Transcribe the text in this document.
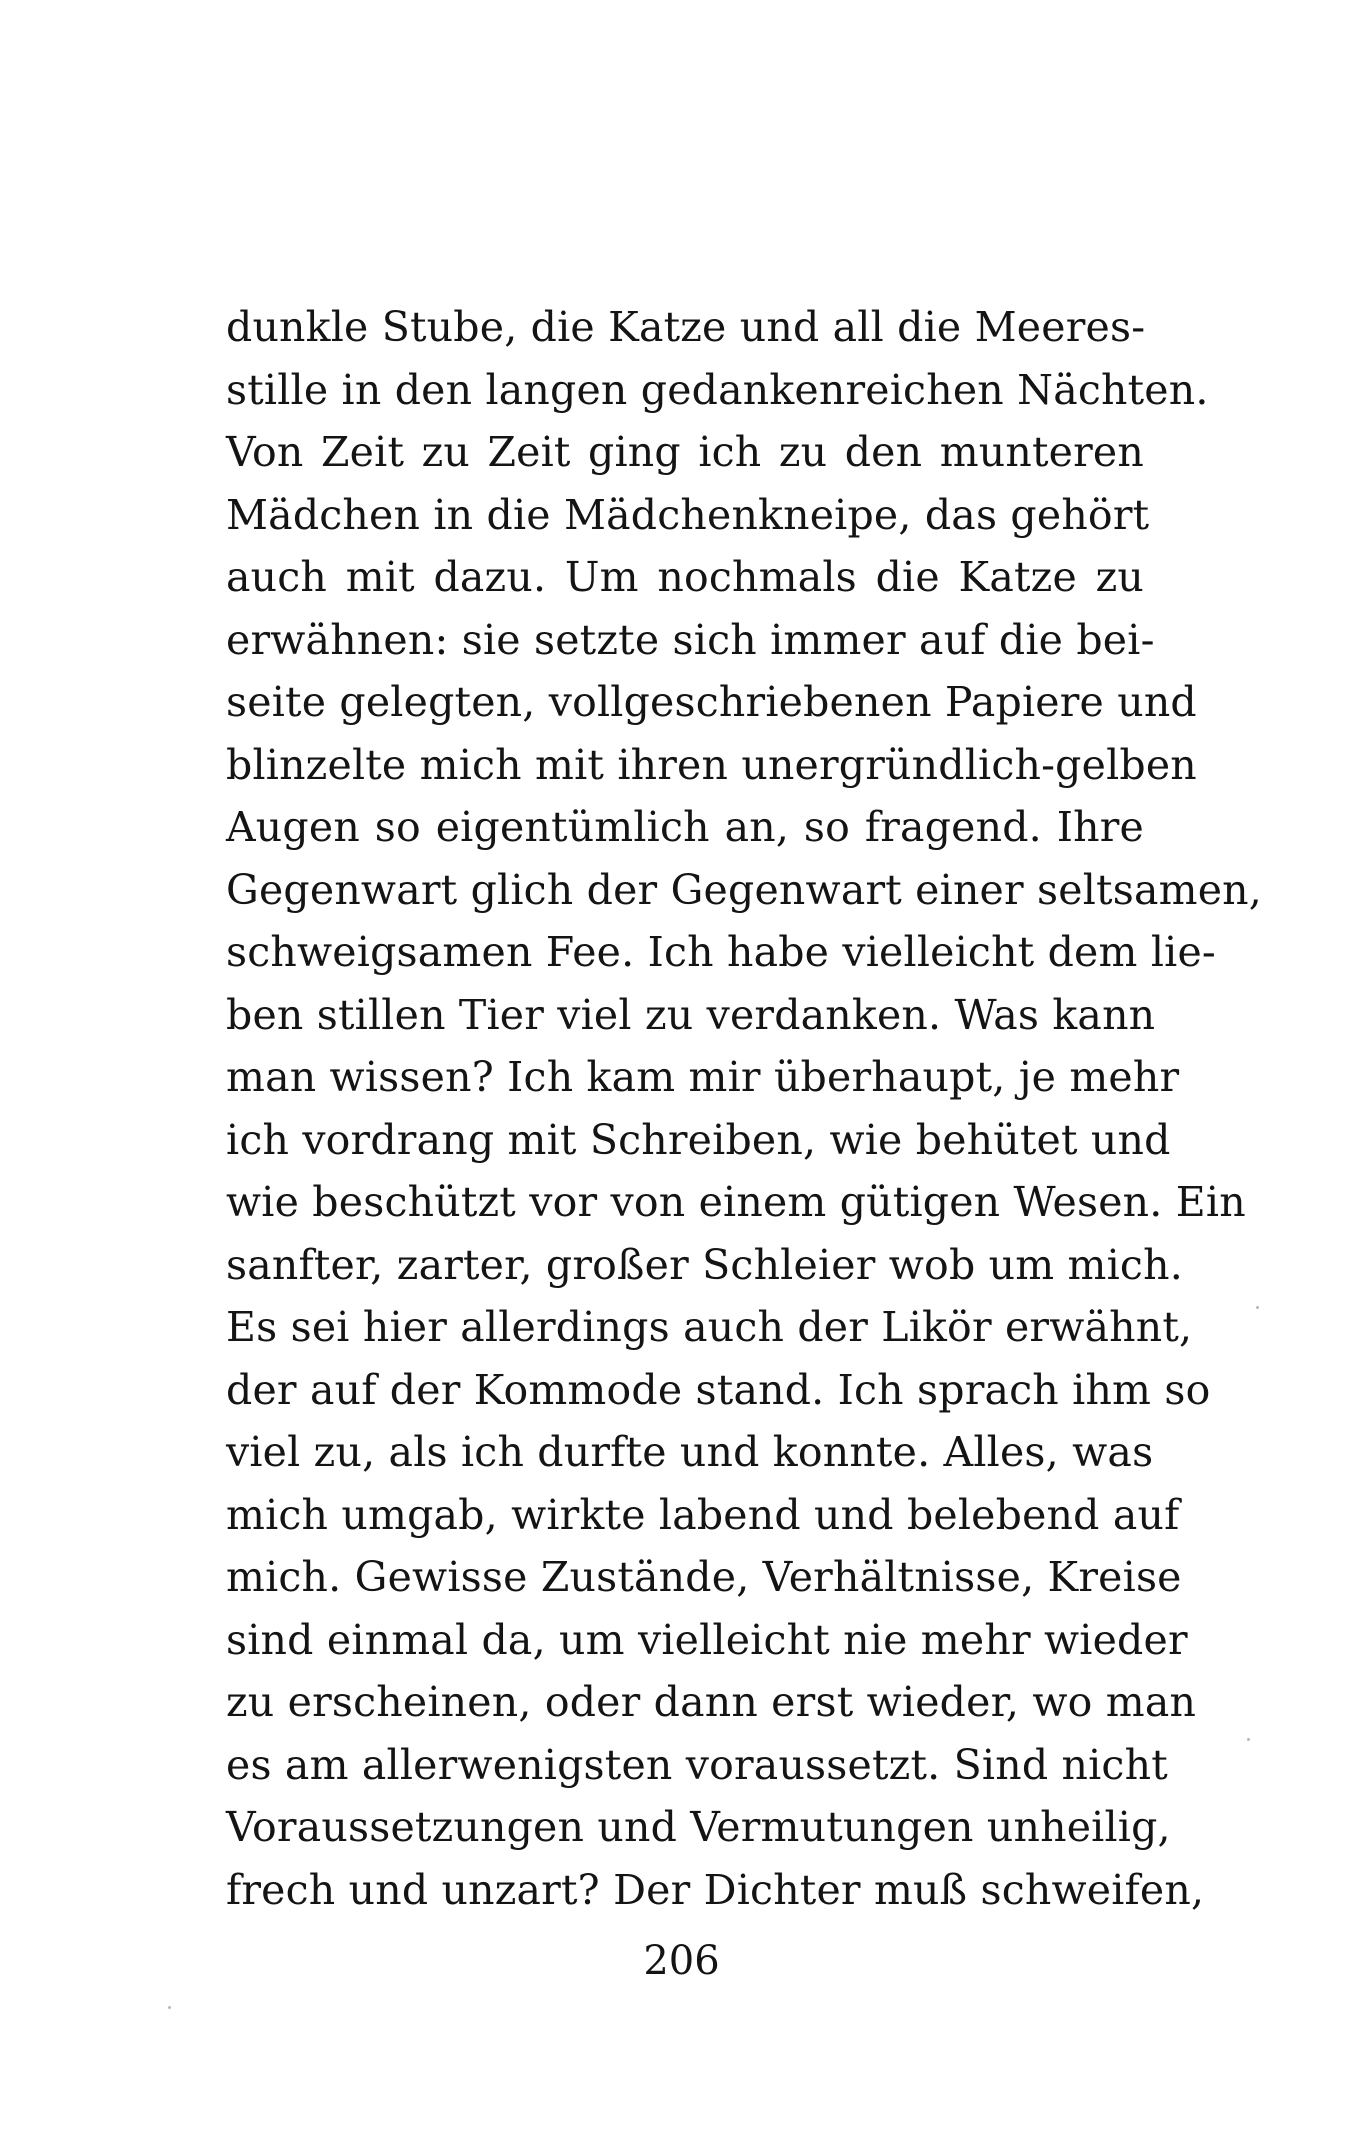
dunkle Stube, die Katze und all die Meeres-
stille in den langen gedankenreichen Nächten.
Von Zeit zu Zeit ging ich zu den munteren
Mädchen in die Mädchenkneipe, das gehört
auch mit dazu. Um nochmals die Katze zu
erwähnen: sie setzte sich immer auf die bei-
seite gelegten, vollgeschriebenen Papiere und
blinzelte mich mit ihren unergründlich-gelben
Augen so eigentümlich an, so fragend. Ihre
Gegenwart glich der Gegenwart einer seltsamen,
schweigsamen Fee. Ich habe vielleicht dem lie-
ben stillen Tier viel zu verdanken. Was kann
man wissen? Ich kam mir überhaupt, je mehr
ich vordrang mit Schreiben, wie behütet und
wie beschützt vor von einem gütigen Wesen. Ein
sanfter, zarter, großer Schleier wob um mich.
Es sei hier allerdings auch der Likör erwähnt,
der auf der Kommode stand. Ich sprach ihm so
viel zu, als ich durfte und konnte. Alles, was
mich umgab, wirkte labend und belebend auf
mich. Gewisse Zustände, Verhältnisse, Kreise
sind einmal da, um vielleicht nie mehr wieder
zu erscheinen, oder dann erst wieder, wo man
es am allerwenigsten voraussetzt. Sind nicht
Voraussetzungen und Vermutungen unheilig,
frech und unzart? Der Dichter muß schweifen,
206
